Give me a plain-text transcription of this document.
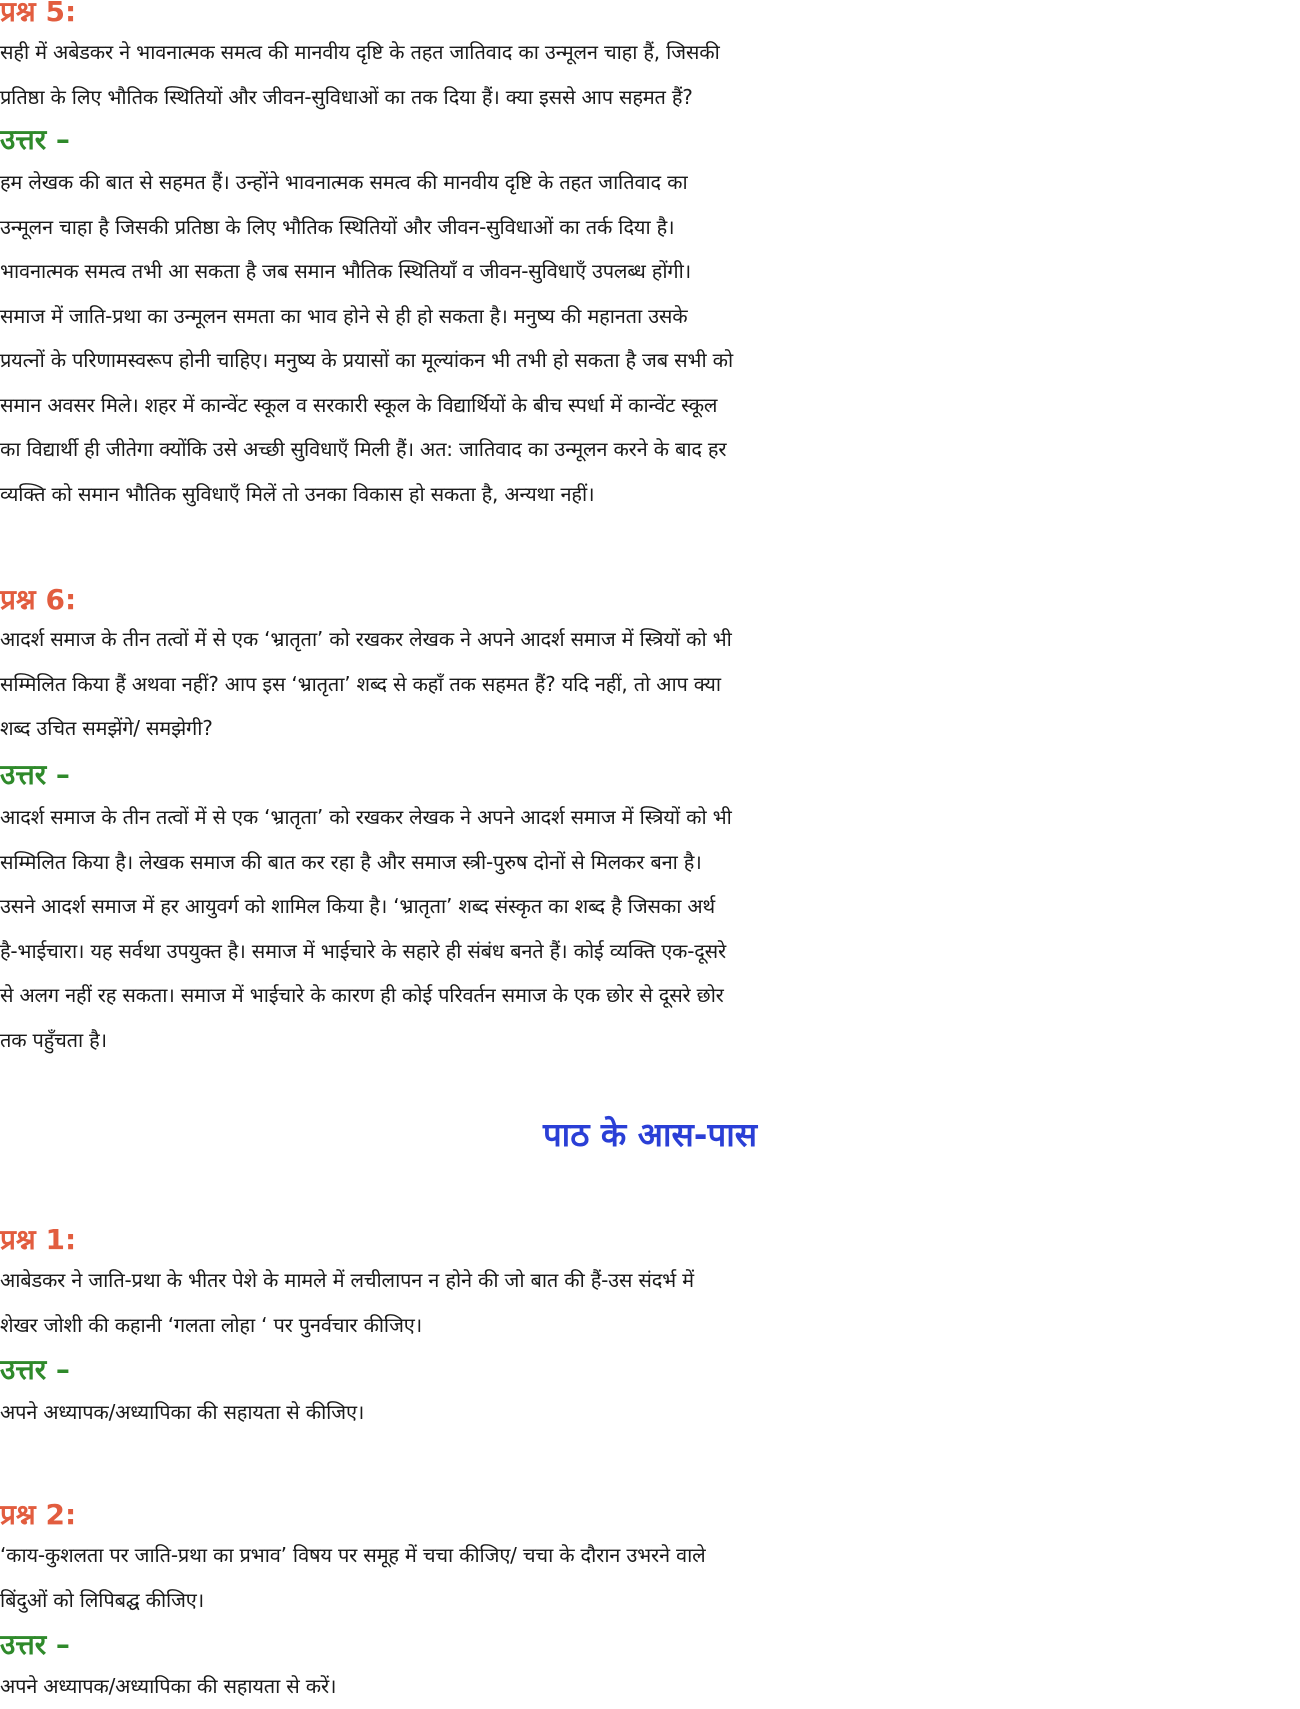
प्रश्न 5:
सही में अबेडकर ने भावनात्मक समत्व की मानवीय दृष्टि के तहत जातिवाद का उन्मूलन चाहा हैं, जिसकी
प्रतिष्ठा के लिए भौतिक स्थितियों और जीवन-सुविधाओं का तक दिया हैं। क्या इससे आप सहमत हैं?
उत्तर –
हम लेखक की बात से सहमत हैं। उन्होंने भावनात्मक समत्व की मानवीय दृष्टि के तहत जातिवाद का
उन्मूलन चाहा है जिसकी प्रतिष्ठा के लिए भौतिक स्थितियों और जीवन-सुविधाओं का तर्क दिया है।
भावनात्मक समत्व तभी आ सकता है जब समान भौतिक स्थितियाँ व जीवन-सुविधाएँ उपलब्ध होंगी।
समाज में जाति-प्रथा का उन्मूलन समता का भाव होने से ही हो सकता है। मनुष्य की महानता उसके
प्रयत्नों के परिणामस्वरूप होनी चाहिए। मनुष्य के प्रयासों का मूल्यांकन भी तभी हो सकता है जब सभी को
समान अवसर मिले। शहर में कान्वेंट स्कूल व सरकारी स्कूल के विद्यार्थियों के बीच स्पर्धा में कान्वेंट स्कूल
का विद्यार्थी ही जीतेगा क्योंकि उसे अच्छी सुविधाएँ मिली हैं। अत: जातिवाद का उन्मूलन करने के बाद हर
व्यक्ति को समान भौतिक सुविधाएँ मिलें तो उनका विकास हो सकता है, अन्यथा नहीं।
प्रश्न 6:
आदर्श समाज के तीन तत्वों में से एक ‘भ्रातृता’ को रखकर लेखक ने अपने आदर्श समाज में स्त्रियों को भी
सम्मिलित किया हैं अथवा नहीं? आप इस ‘भ्रातृता’ शब्द से कहाँ तक सहमत हैं? यदि नहीं, तो आप क्या
शब्द उचित समझेंगे/ समझेगी?
उत्तर –
आदर्श समाज के तीन तत्वों में से एक ‘भ्रातृता’ को रखकर लेखक ने अपने आदर्श समाज में स्त्रियों को भी
सम्मिलित किया है। लेखक समाज की बात कर रहा है और समाज स्त्री-पुरुष दोनों से मिलकर बना है।
उसने आदर्श समाज में हर आयुवर्ग को शामिल किया है। ‘भ्रातृता’ शब्द संस्कृत का शब्द है जिसका अर्थ
है-भाईचारा। यह सर्वथा उपयुक्त है। समाज में भाईचारे के सहारे ही संबंध बनते हैं। कोई व्यक्ति एक-दूसरे
से अलग नहीं रह सकता। समाज में भाईचारे के कारण ही कोई परिवर्तन समाज के एक छोर से दूसरे छोर
तक पहुँचता है।
पाठ के आस-पास
प्रश्न 1:
आबेडकर ने जाति-प्रथा के भीतर पेशे के मामले में लचीलापन न होने की जो बात की हैं-उस संदर्भ में
शेखर जोशी की कहानी ‘गलता लोहा ‘ पर पुनर्वचार कीजिए।
उत्तर –
अपने अध्यापक/अध्यापिका की सहायता से कीजिए।
प्रश्न 2:
‘काय-कुशलता पर जाति-प्रथा का प्रभाव’ विषय पर समूह में चचा कीजिए/ चचा के दौरान उभरने वाले
बिंदुओं को लिपिबद्घ कीजिए।
उत्तर –
अपने अध्यापक/अध्यापिका की सहायता से करें।
